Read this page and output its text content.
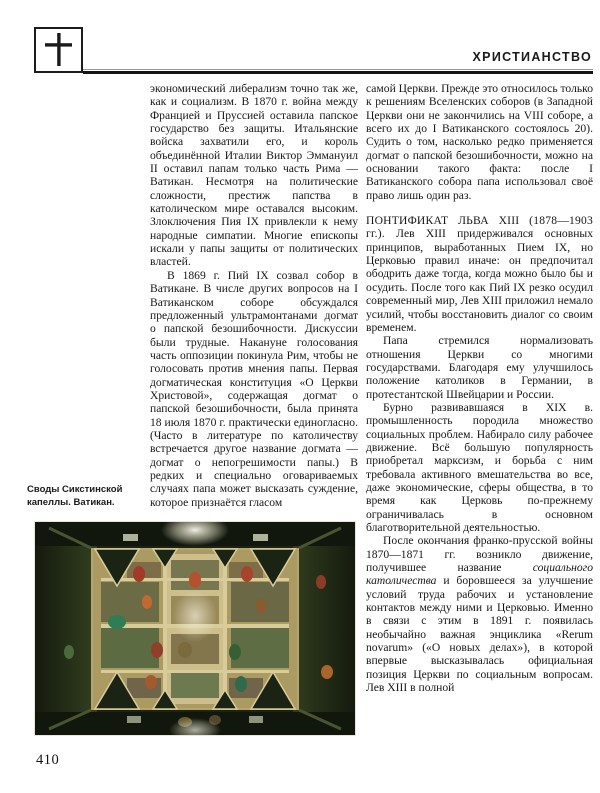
ХРИСТИАНСТВО

экономический либерализм точно так же, как и социализм. В 1870 г. война между Францией и Пруссией оставила папское государство без защиты. Итальянские войска захватили его, и король объединённой Италии Виктор Эммануил II оставил папам только часть Рима — Ватикан. Несмотря на политические сложности, престиж папства в католическом мире оставался высоким. Злоключения Пия IX привлекли к нему народные симпатии. Многие епископы искали у папы защиты от политических властей.

В 1869 г. Пий IX созвал собор в Ватикане. В числе других вопросов на I Ватиканском соборе обсуждался предложенный ультрамонтанами догмат о папской безошибочности. Дискуссии были трудные. Накануне голосования часть оппозиции покинула Рим, чтобы не голосовать против мнения папы. Первая догматическая конституция «О Церкви Христовой», содержащая догмат о папской безошибочности, была принята 18 июля 1870 г. практически единогласно. (Часто в литературе по католичеству встречается другое название догмата — догмат о непогрешимости папы.) В редких и специально оговариваемых случаях папа может высказать суждение, которое признаётся гласом

самой Церкви. Прежде это относилось только к решениям Вселенских соборов (в Западной Церкви они не закончились на VIII соборе, а всего их до I Ватиканского состоялось 20). Судить о том, насколько редко применяется догмат о папской безошибочности, можно на основании такого факта: после I Ватиканского собора папа использовал своё право лишь один раз.

ПОНТИФИКАТ ЛЬВА XIII (1878—1903 гг.). Лев XIII придерживался основных принципов, выработанных Пием IX, но Церковью правил иначе: он предпочитал ободрить даже тогда, когда можно было бы и осудить. После того как Пий IX резко осудил современный мир, Лев XIII приложил немало усилий, чтобы восстановить диалог со своим временем.

Папа стремился нормализовать отношения Церкви со многими государствами. Благодаря ему улучшилось положение католиков в Германии, в протестантской Швейцарии и России.

Бурно развивавшаяся в XIX в. промышленность породила множество социальных проблем. Набирало силу рабочее движение. Всё большую популярность приобретал марксизм, и борьба с ним требовала активного вмешательства во все, даже экономические, сферы общества, в то время как Церковь по-прежнему ограничивалась в основном благотворительной деятельностью.

После окончания франко-прусской войны 1870—1871 гг. возникло движение, получившее название социального католичества и боровшееся за улучшение условий труда рабочих и установление контактов между ними и Церковью. Именно в связи с этим в 1891 г. появилась необычайно важная энциклика «Rerum novarum» («О новых делах»), в которой впервые высказывалась официальная позиция Церкви по социальным вопросам. Лев XIII в полной

Своды Сикстинской капеллы. Ватикан.
410
